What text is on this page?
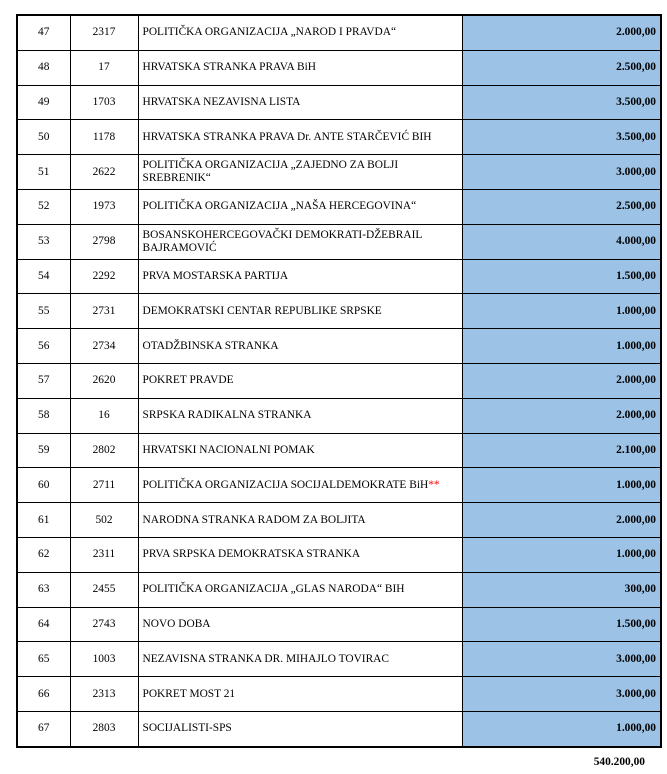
47	2317	POLITIČKA ORGANIZACIJA „NAROD I PRAVDA“	2.000,00
48	17	HRVATSKA STRANKA PRAVA BiH	2.500,00
49	1703	HRVATSKA NEZAVISNA LISTA	3.500,00
50	1178	HRVATSKA STRANKA PRAVA Dr. ANTE STARČEVIĆ BIH	3.500,00
51	2622	POLITIČKA ORGANIZACIJA „ZAJEDNO ZA BOLJI SREBRENIK“	3.000,00
52	1973	POLITIČKA ORGANIZACIJA „NAŠA HERCEGOVINA“	2.500,00
53	2798	BOSANSKOHERCEGOVAČKI DEMOKRATI-DŽEBRAIL BAJRAMOVIĆ	4.000,00
54	2292	PRVA MOSTARSKA PARTIJA	1.500,00
55	2731	DEMOKRATSKI CENTAR REPUBLIKE SRPSKE	1.000,00
56	2734	OTADŽBINSKA STRANKA	1.000,00
57	2620	POKRET PRAVDE	2.000,00
58	16	SRPSKA RADIKALNA STRANKA	2.000,00
59	2802	HRVATSKI NACIONALNI POMAK	2.100,00
60	2711	POLITIČKA ORGANIZACIJA SOCIJALDEMOKRATE BiH**	1.000,00
61	502	NARODNA STRANKA RADOM ZA BOLJITA	2.000,00
62	2311	PRVA SRPSKA DEMOKRATSKA STRANKA	1.000,00
63	2455	POLITIČKA ORGANIZACIJA „GLAS NARODA“ BIH	300,00
64	2743	NOVO DOBA	1.500,00
65	1003	NEZAVISNA STRANKA DR. MIHAJLO TOVIRAC	3.000,00
66	2313	POKRET MOST 21	3.000,00
67	2803	SOCIJALISTI-SPS	1.000,00
540.200,00
